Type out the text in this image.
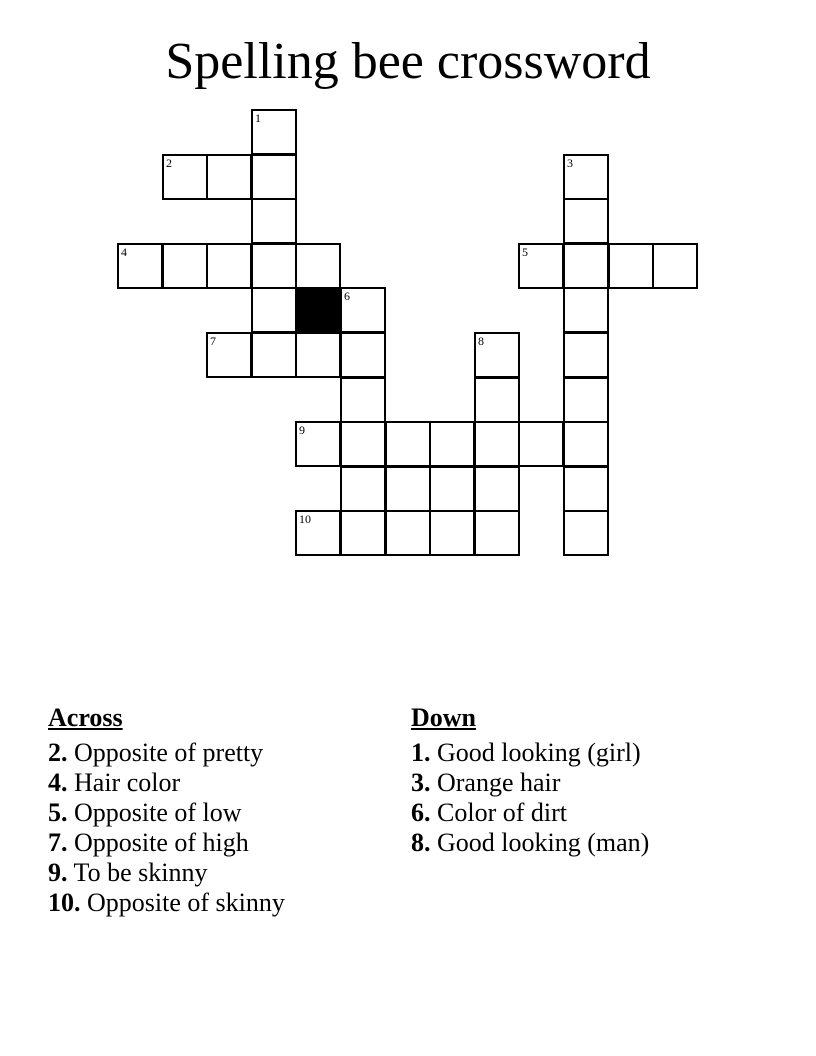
Spelling bee crossword
1
2	3
4	5
6
7	8
9
10
Across
2. Opposite of pretty
4. Hair color
5. Opposite of low
7. Opposite of high
9. To be skinny
10. Opposite of skinny
Down
1. Good looking (girl)
3. Orange hair
6. Color of dirt
8. Good looking (man)
